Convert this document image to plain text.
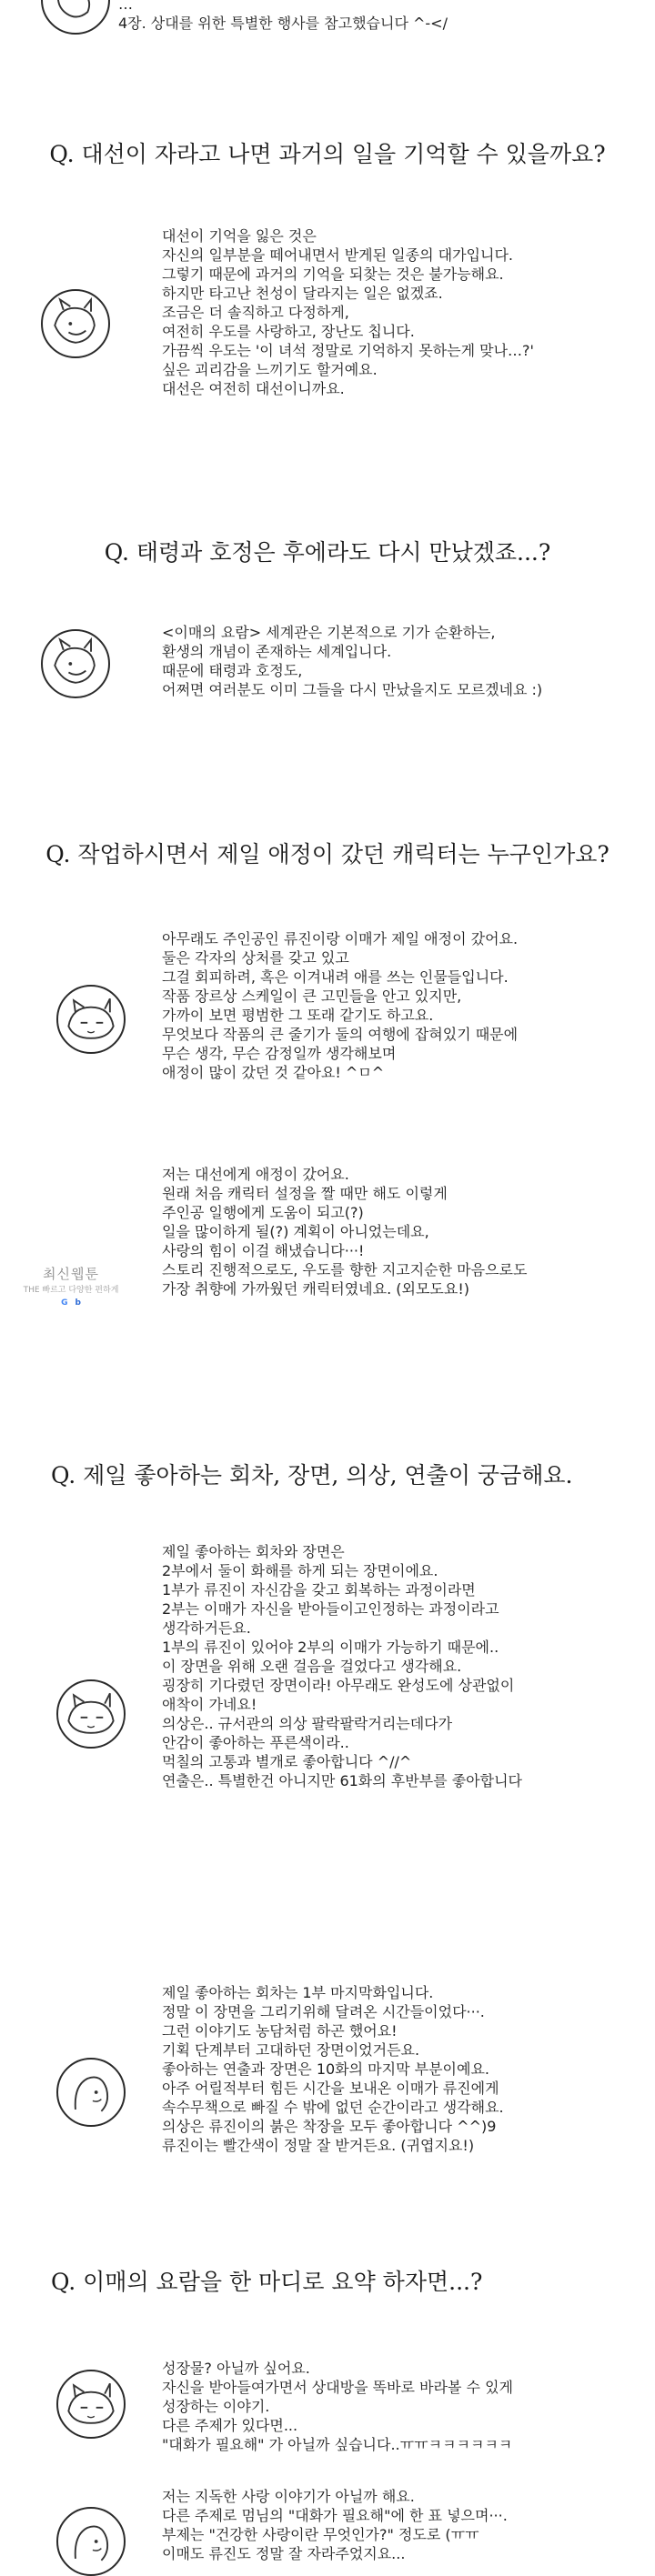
…
4장. 상대를 위한 특별한 행사를 참고했습니다 ^-</
Q. 대선이 자라고 나면 과거의 일을 기억할 수 있을까요?
대선이 기억을 잃은 것은
자신의 일부분을 떼어내면서 받게된 일종의 대가입니다.
그렇기 때문에 과거의 기억을 되찾는 것은 불가능해요.
하지만 타고난 천성이 달라지는 일은 없겠죠.
조금은 더 솔직하고 다정하게,
여전히 우도를 사랑하고, 장난도 칩니다.
가끔씩 우도는 '이 녀석 정말로 기억하지 못하는게 맞나…?'
싶은 괴리감을 느끼기도 할거예요.
대선은 여전히 대선이니까요.
Q. 태령과 호정은 후에라도 다시 만났겠죠...?
<이매의 요람> 세계관은 기본적으로 기가 순환하는,
환생의 개념이 존재하는 세계입니다.
때문에 태령과 호정도,
어쩌면 여러분도 이미 그들을 다시 만났을지도 모르겠네요 :)
Q. 작업하시면서 제일 애정이 갔던 캐릭터는 누구인가요?
아무래도 주인공인 류진이랑 이매가 제일 애정이 갔어요.
둘은 각자의 상처를 갖고 있고
그걸 회피하려, 혹은 이겨내려 애를 쓰는 인물들입니다.
작품 장르상 스케일이 큰 고민들을 안고 있지만,
가까이 보면 평범한 그 또래 같기도 하고요.
무엇보다 작품의 큰 줄기가 둘의 여행에 잡혀있기 때문에
무슨 생각, 무슨 감정일까 생각해보며
애정이 많이 갔던 것 같아요! ^ㅁ^
최신웹툰
THE 빠르고 다양한 편하게
G b
저는 대선에게 애정이 갔어요.
원래 처음 캐릭터 설정을 짤 때만 해도 이렇게
주인공 일행에게 도움이 되고(?)
일을 많이하게 될(?) 계획이 아니었는데요,
사랑의 힘이 이걸 해냈습니다···!
스토리 진행적으로도, 우도를 향한 지고지순한 마음으로도
가장 취향에 가까웠던 캐릭터였네요. (외모도요!)
Q. 제일 좋아하는 회차, 장면, 의상, 연출이 궁금해요.
제일 좋아하는 회차와 장면은
2부에서 둘이 화해를 하게 되는 장면이에요.
1부가 류진이 자신감을 갖고 회복하는 과정이라면
2부는 이매가 자신을 받아들이고인정하는 과정이라고
생각하거든요.
1부의 류진이 있어야 2부의 이매가 가능하기 때문에..
이 장면을 위해 오랜 걸음을 걸었다고 생각해요.
굉장히 기다렸던 장면이라! 아무래도 완성도에 상관없이
애착이 가네요!
의상은.. 규서관의 의상 팔락팔락거리는데다가
안감이 좋아하는 푸른색이라..
먹칠의 고통과 별개로 좋아합니다 ^//^
연출은.. 특별한건 아니지만 61화의 후반부를 좋아합니다
제일 좋아하는 회차는 1부 마지막화입니다.
정말 이 장면을 그리기위해 달려온 시간들이었다···.
그런 이야기도 농담처럼 하곤 했어요!
기획 단계부터 고대하던 장면이었거든요.
좋아하는 연출과 장면은 10화의 마지막 부분이예요.
아주 어릴적부터 힘든 시간을 보내온 이매가 류진에게
속수무책으로 빠질 수 밖에 없던 순간이라고 생각해요.
의상은 류진이의 붉은 착장을 모두 좋아합니다 ^^)9
류진이는 빨간색이 정말 잘 받거든요. (귀엽지요!)
Q. 이매의 요람을 한 마디로 요약 하자면...?
성장물? 아닐까 싶어요.
자신을 받아들여가면서 상대방을 똑바로 바라볼 수 있게
성장하는 이야기.
다른 주제가 있다면...
"대화가 필요해" 가 아닐까 싶습니다..ㅠㅠㅋㅋㅋㅋㅋㅋ
저는 지독한 사랑 이야기가 아닐까 해요.
다른 주제로 멈님의 "대화가 필요해"에 한 표 넣으며···.
부제는 "건강한 사랑이란 무엇인가?" 정도로 (ㅠㅠ
이매도 류진도 정말 잘 자라주었지요...
